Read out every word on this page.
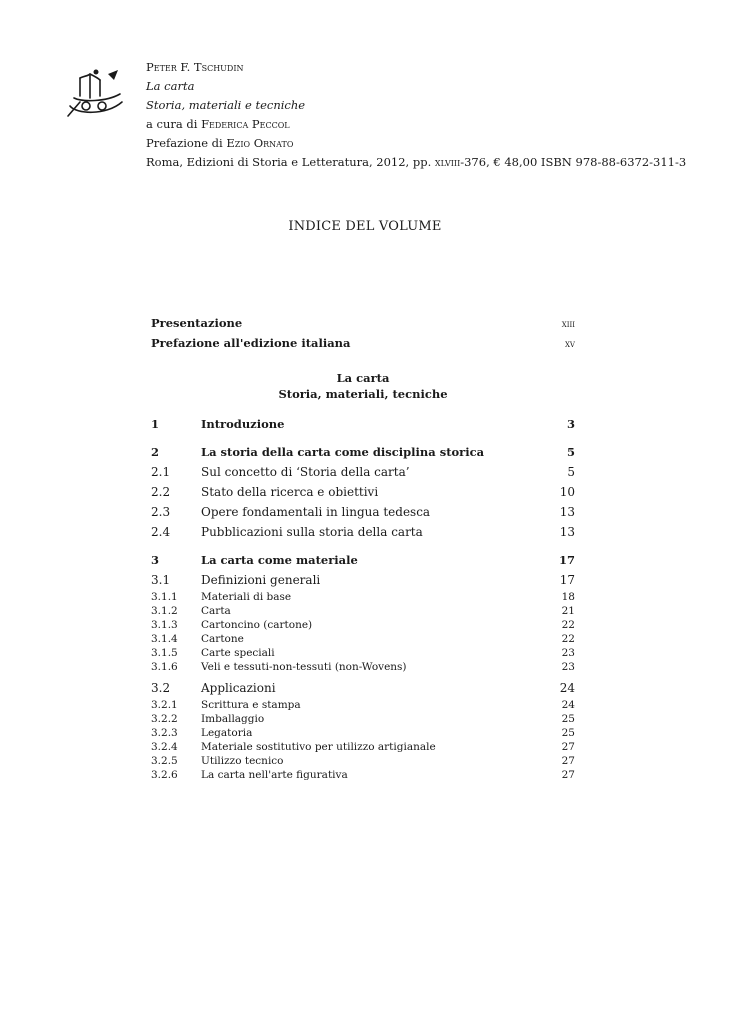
Peter F. Tschudin
La carta
Storia, materiali e tecniche
a cura di Federica Peccol
Prefazione di Ezio Ornato
Roma, Edizioni di Storia e Letteratura, 2012, pp. xlviii-376, € 48,00 ISBN 978-88-6372-311-3
INDICE DEL VOLUME
Presentazione	xiii
Prefazione all'edizione italiana	xv
La carta
Storia, materiali, tecniche
1	Introduzione	3
2	La storia della carta come disciplina storica	5
2.1	Sul concetto di ‘Storia della carta’	5
2.2	Stato della ricerca e obiettivi	10
2.3	Opere fondamentali in lingua tedesca	13
2.4	Pubblicazioni sulla storia della carta	13
3	La carta come materiale	17
3.1	Definizioni generali	17
3.1.1	Materiali di base	18
3.1.2	Carta	21
3.1.3	Cartoncino (cartone)	22
3.1.4	Cartone	22
3.1.5	Carte speciali	23
3.1.6	Veli e tessuti-non-tessuti (non-Wovens)	23
3.2	Applicazioni	24
3.2.1	Scrittura e stampa	24
3.2.2	Imballaggio	25
3.2.3	Legatoria	25
3.2.4	Materiale sostitutivo per utilizzo artigianale	27
3.2.5	Utilizzo tecnico	27
3.2.6	La carta nell'arte figurativa	27
